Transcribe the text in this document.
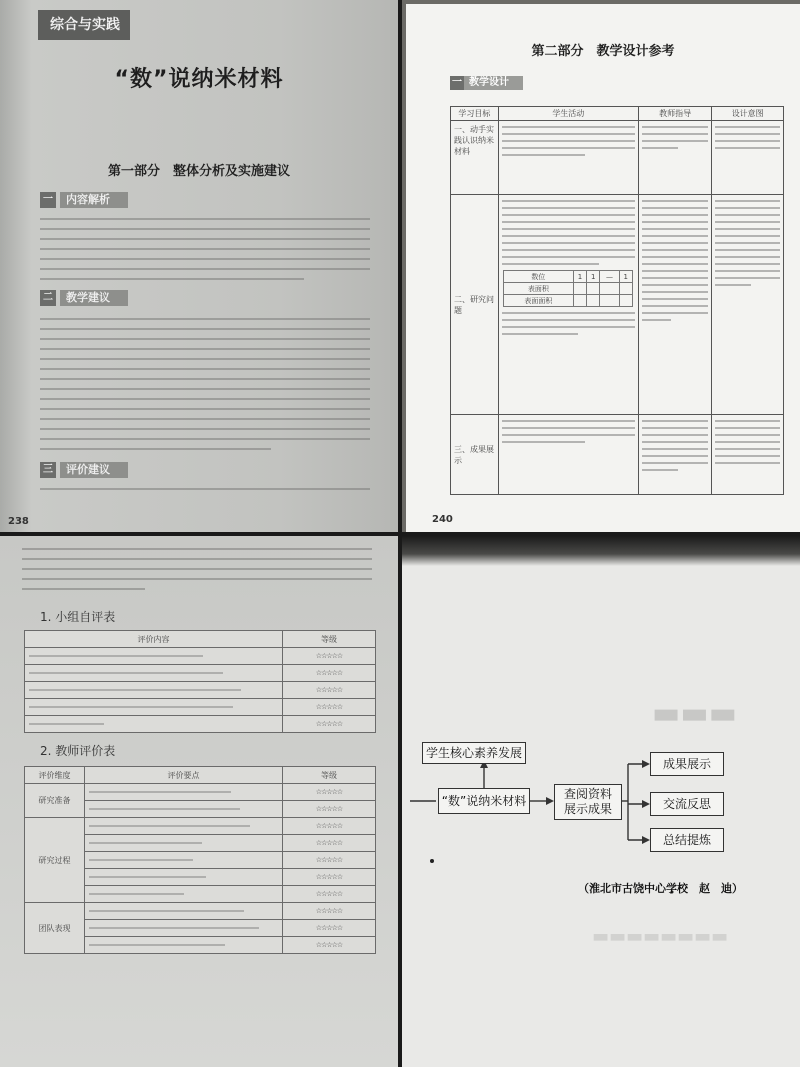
综合与实践
“数”说纳米材料
第一部分　整体分析及实施建议
一	内容解析
二	教学建议
三	评价建议
238
第二部分　教学设计参考
一 教学设计
学习目标	学生活动	教师指导	设计意图

一、动手实践认识纳米材料

二、研究问题

数位	1	1	—	1
表面积				
表面面积				

三、成果展示

240
1. 小组自评表
评价内容	等级

	☆☆☆☆☆

	☆☆☆☆☆

	☆☆☆☆☆

	☆☆☆☆☆

	☆☆☆☆☆
2. 教师评价表
评价维度	评价要点	等级
研究准备		☆☆☆☆☆

		☆☆☆☆☆
研究过程		☆☆☆☆☆

		☆☆☆☆☆

		☆☆☆☆☆

		☆☆☆☆☆

		☆☆☆☆☆
团队表现		☆☆☆☆☆

		☆☆☆☆☆

		☆☆☆☆☆
▬▬▬
▬▬▬▬▬▬▬▬
学生核心素养发展
“数”说纳米材料	查阅资料
展示成果
成果展示
交流反思
总结提炼
（淮北市古饶中心学校　赵　迪）
